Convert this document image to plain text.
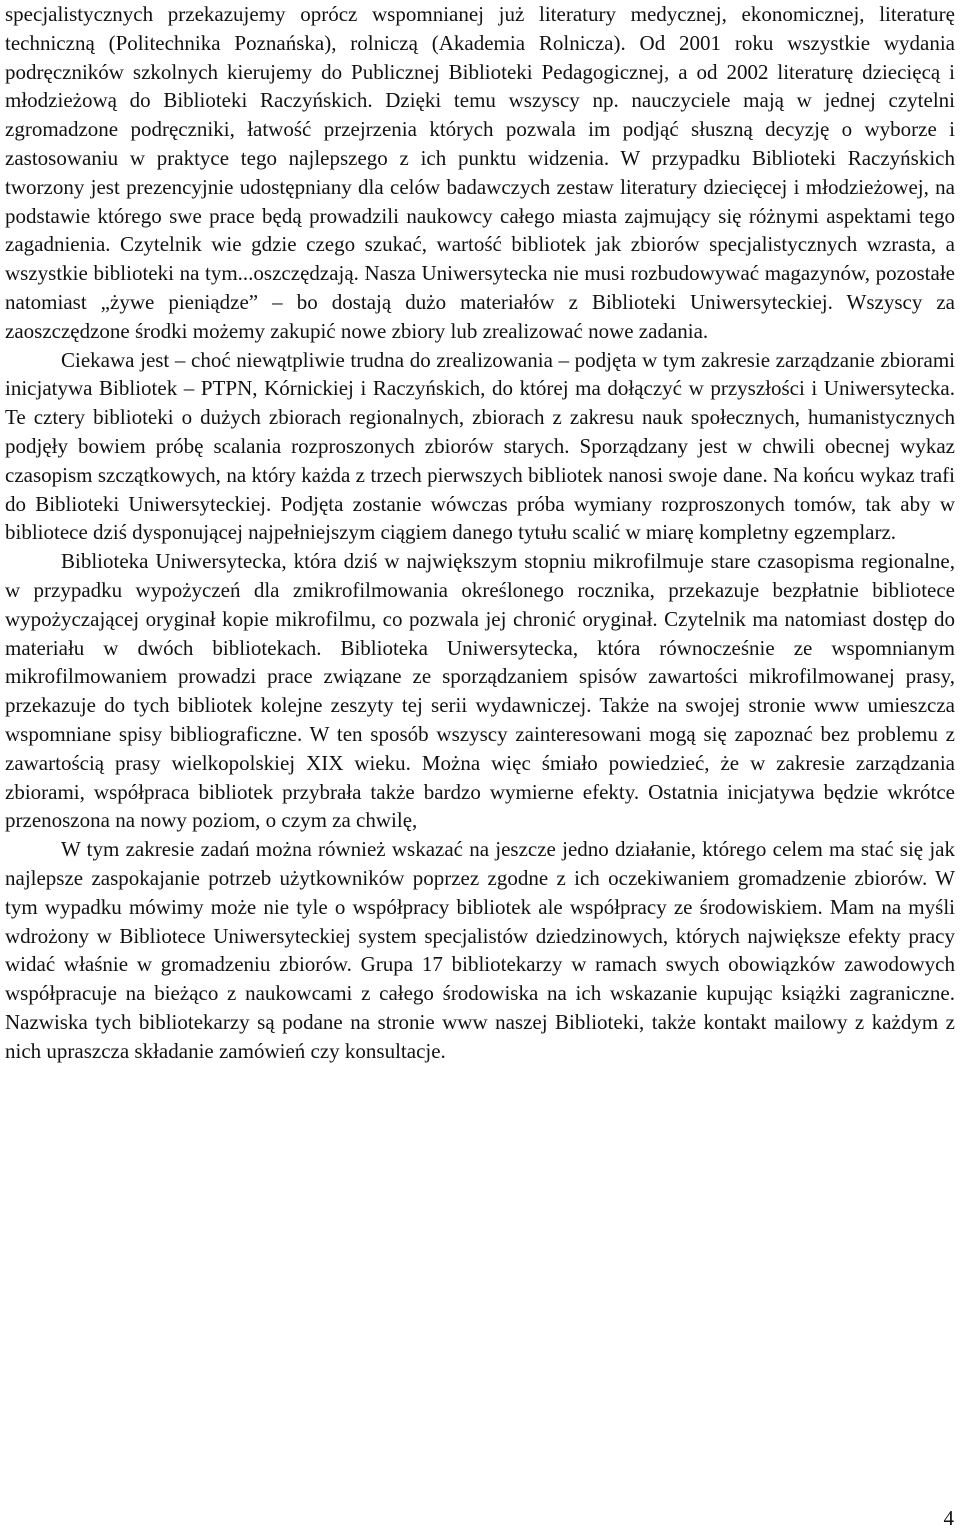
specjalistycznych przekazujemy oprócz wspomnianej już literatury medycznej, ekonomicznej, literaturę techniczną (Politechnika Poznańska), rolniczą (Akademia Rolnicza). Od 2001 roku wszystkie wydania podręczników szkolnych kierujemy do Publicznej Biblioteki Pedagogicznej, a od 2002 literaturę dziecięcą i młodzieżową do Biblioteki Raczyńskich. Dzięki temu wszyscy np. nauczyciele mają w jednej czytelni zgromadzone podręczniki, łatwość przejrzenia których pozwala im podjąć słuszną decyzję o wyborze i zastosowaniu w praktyce tego najlepszego z ich punktu widzenia. W przypadku Biblioteki Raczyńskich tworzony jest prezencyjnie udostępniany dla celów badawczych zestaw literatury dziecięcej i młodzieżowej, na podstawie którego swe prace będą prowadzili naukowcy całego miasta zajmujący się różnymi aspektami tego zagadnienia. Czytelnik wie gdzie czego szukać, wartość bibliotek jak zbiorów specjalistycznych wzrasta, a wszystkie biblioteki na tym...oszczędzają. Nasza Uniwersytecka nie musi rozbudowywać magazynów, pozostałe natomiast „żywe pieniądze” – bo dostają dużo materiałów z Biblioteki Uniwersyteckiej. Wszyscy za zaoszczędzone środki możemy zakupić nowe zbiory lub zrealizować nowe zadania.

Ciekawa jest – choć niewątpliwie trudna do zrealizowania – podjęta w tym zakresie zarządzanie zbiorami inicjatywa Bibliotek – PTPN, Kórnickiej i Raczyńskich, do której ma dołączyć w przyszłości i Uniwersytecka. Te cztery biblioteki o dużych zbiorach regionalnych, zbiorach z zakresu nauk społecznych, humanistycznych podjęły bowiem próbę scalania rozproszonych zbiorów starych. Sporządzany jest w chwili obecnej wykaz czasopism szczątkowych, na który każda z trzech pierwszych bibliotek nanosi swoje dane. Na końcu wykaz trafi do Biblioteki Uniwersyteckiej. Podjęta zostanie wówczas próba wymiany rozproszonych tomów, tak aby w bibliotece dziś dysponującej najpełniejszym ciągiem danego tytułu scalić w miarę kompletny egzemplarz.

Biblioteka Uniwersytecka, która dziś w największym stopniu mikrofilmuje stare czasopisma regionalne, w przypadku wypożyczeń dla zmikrofilmowania określonego rocznika, przekazuje bezpłatnie bibliotece wypożyczającej oryginał kopie mikrofilmu, co pozwala jej chronić oryginał. Czytelnik ma natomiast dostęp do materiału w dwóch bibliotekach. Biblioteka Uniwersytecka, która równocześnie ze wspomnianym mikrofilmowaniem prowadzi prace związane ze sporządzaniem spisów zawartości mikrofilmowanej prasy, przekazuje do tych bibliotek kolejne zeszyty tej serii wydawniczej. Także na swojej stronie www umieszcza wspomniane spisy bibliograficzne. W ten sposób wszyscy zainteresowani mogą się zapoznać bez problemu z zawartością prasy wielkopolskiej XIX wieku. Można więc śmiało powiedzieć, że w zakresie zarządzania zbiorami, współpraca bibliotek przybrała także bardzo wymierne efekty. Ostatnia inicjatywa będzie wkrótce przenoszona na nowy poziom, o czym za chwilę,

W tym zakresie zadań można również wskazać na jeszcze jedno działanie, którego celem ma stać się jak najlepsze zaspokajanie potrzeb użytkowników poprzez zgodne z ich oczekiwaniem gromadzenie zbiorów. W tym wypadku mówimy może nie tyle o współpracy bibliotek ale współpracy ze środowiskiem. Mam na myśli wdrożony w Bibliotece Uniwersyteckiej system specjalistów dziedzinowych, których największe efekty pracy widać właśnie w gromadzeniu zbiorów. Grupa 17 bibliotekarzy w ramach swych obowiązków zawodowych współpracuje na bieżąco z naukowcami z całego środowiska na ich wskazanie kupując książki zagraniczne. Nazwiska tych bibliotekarzy są podane na stronie www naszej Biblioteki, także kontakt mailowy z każdym z nich upraszcza składanie zamówień czy konsultacje.

4
